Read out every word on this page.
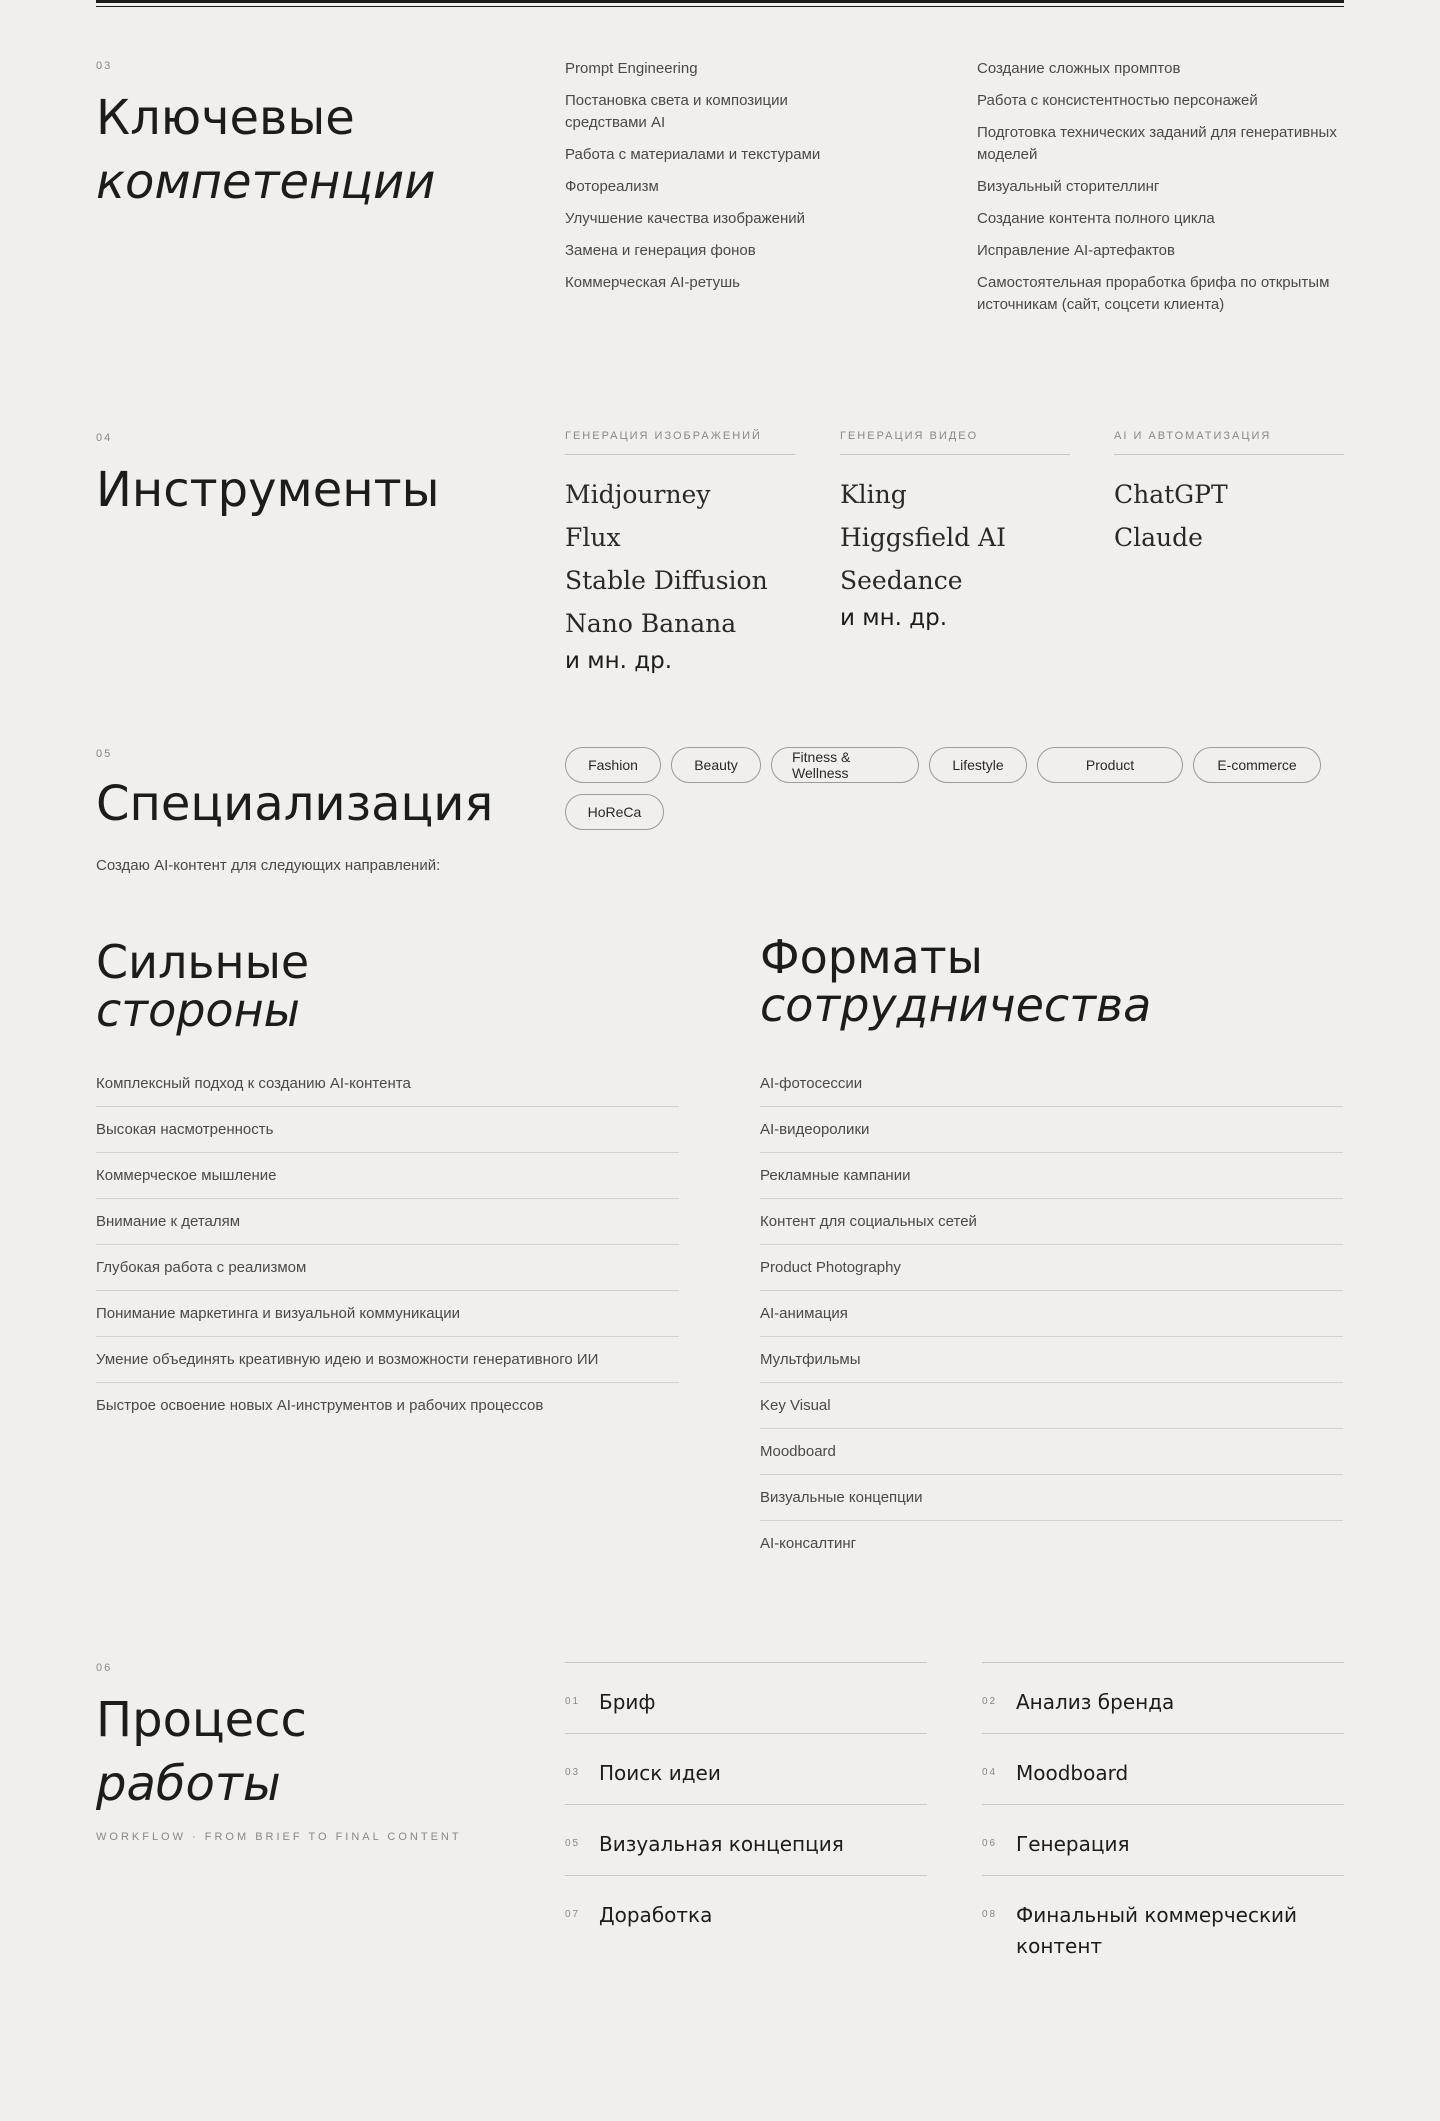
03
Ключевые
компетенции
Prompt Engineering
Постановка света и композиции средствами AI
Работа с материалами и текстурами
Фотореализм
Улучшение качества изображений
Замена и генерация фонов
Коммерческая AI-ретушь
Создание сложных промптов
Работа с консистентностью персонажей
Подготовка технических заданий для генеративных моделей
Визуальный сторителлинг
Создание контента полного цикла
Исправление AI-артефактов
Самостоятельная проработка брифа по открытым источникам (сайт, соцсети клиента)
04
Инструменты
ГЕНЕРАЦИЯ ИЗОБРАЖЕНИЙ
Midjourney
Flux
Stable Diffusion
Nano Banana
и мн. др.
ГЕНЕРАЦИЯ ВИДЕО
Kling
Higgsfield AI
Seedance
и мн. др.
AI И АВТОМАТИЗАЦИЯ
ChatGPT
Claude
05
Специализация
Создаю AI-контент для следующих направлений:
Fashion	Beauty	Fitness & Wellness	Lifestyle	Product	E-commerce
HoReCa
Сильные
стороны
Комплексный подход к созданию AI-контента
Высокая насмотренность
Коммерческое мышление
Внимание к деталям
Глубокая работа с реализмом
Понимание маркетинга и визуальной коммуникации
Умение объединять креативную идею и возможности генеративного ИИ
Быстрое освоение новых AI-инструментов и рабочих процессов
Форматы
сотрудничества
AI-фотосессии
AI-видеоролики
Рекламные кампании
Контент для социальных сетей
Product Photography
AI-анимация
Мультфильмы
Key Visual
Moodboard
Визуальные концепции
AI-консалтинг
06
Процесс
работы
WORKFLOW · FROM BRIEF TO FINAL CONTENT
01 Бриф
03 Поиск идеи
05 Визуальная концепция
07 Доработка
02 Анализ бренда
04 Moodboard
06 Генерация
08 Финальный коммерческий контент
